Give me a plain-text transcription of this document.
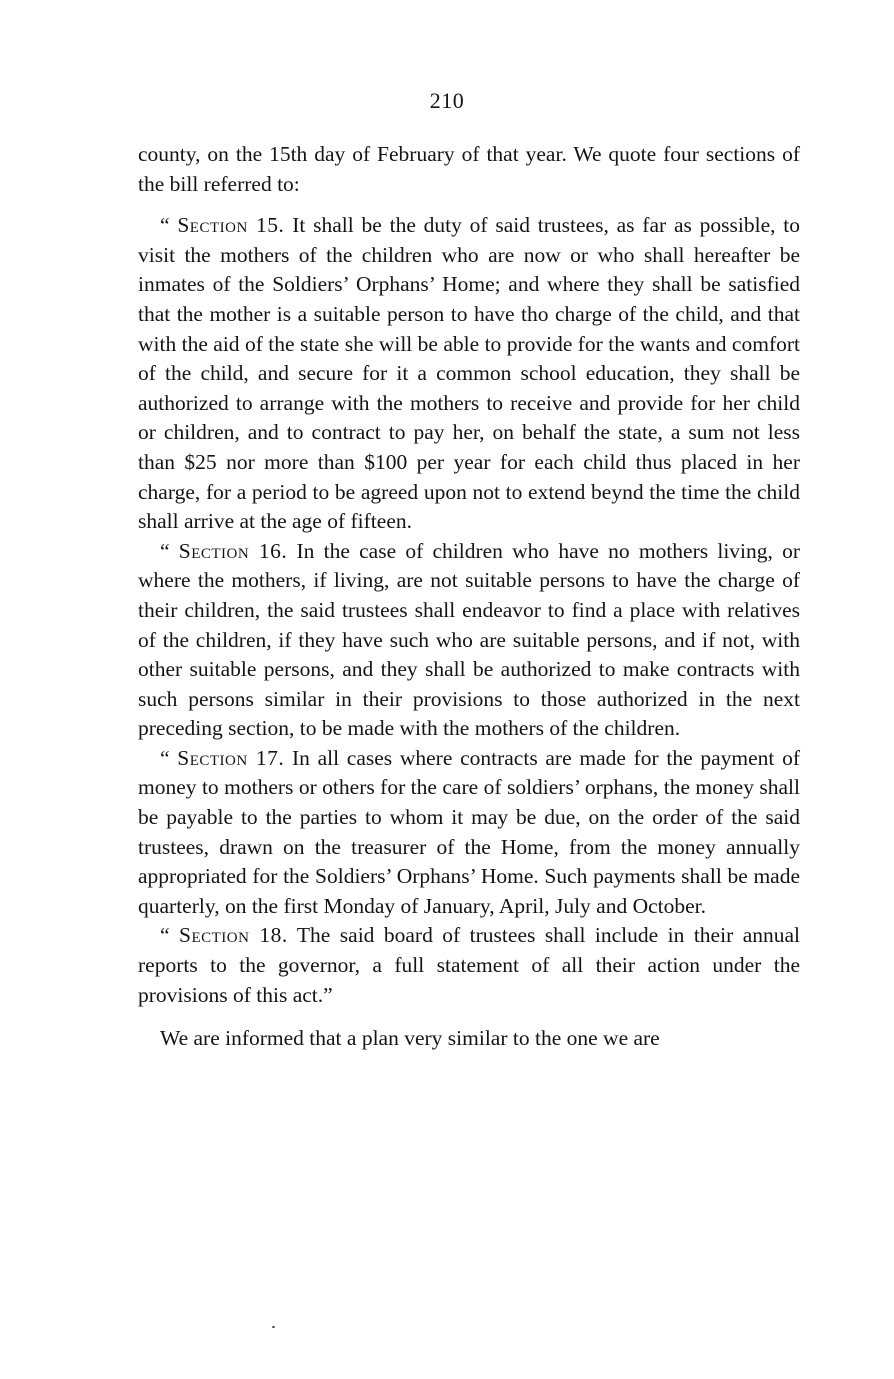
210

county, on the 15th day of February of that year. We quote four sections of the bill referred to:

“ Section 15. It shall be the duty of said trustees, as far as possible, to visit the mothers of the children who are now or who shall hereafter be inmates of the Soldiers’ Orphans’ Home; and where they shall be satisfied that the mother is a suitable person to have tho charge of the child, and that with the aid of the state she will be able to provide for the wants and comfort of the child, and secure for it a common school education, they shall be authorized to arrange with the mothers to receive and provide for her child or children, and to contract to pay her, on behalf the state, a sum not less than $25 nor more than $100 per year for each child thus placed in her charge, for a period to be agreed upon not to extend beynd the time the child shall arrive at the age of fifteen.

“ Section 16. In the case of children who have no mothers living, or where the mothers, if living, are not suitable persons to have the charge of their children, the said trustees shall endeavor to find a place with relatives of the children, if they have such who are suitable persons, and if not, with other suitable persons, and they shall be authorized to make contracts with such persons similar in their provisions to those authorized in the next preceding section, to be made with the mothers of the children.

“ Section 17. In all cases where contracts are made for the payment of money to mothers or others for the care of soldiers’ orphans, the money shall be payable to the parties to whom it may be due, on the order of the said trustees, drawn on the treasurer of the Home, from the money annually appropriated for the Soldiers’ Orphans’ Home. Such payments shall be made quarterly, on the first Monday of January, April, July and October.

“ Section 18. The said board of trustees shall include in their annual reports to the governor, a full statement of all their action under the provisions of this act.”

We are informed that a plan very similar to the one we are
